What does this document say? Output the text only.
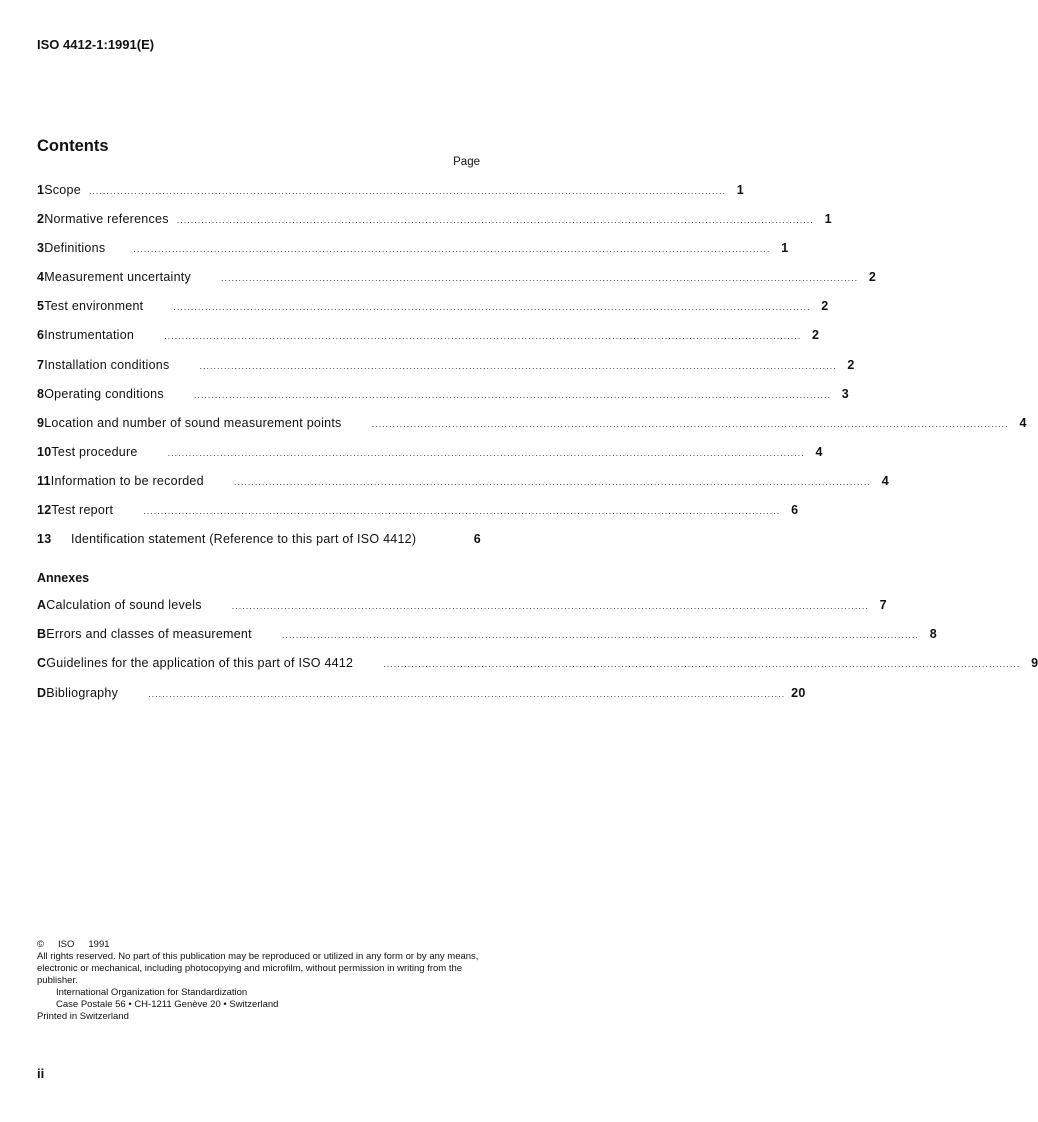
ISO 4412-1:1991(E)
Contents
Page
1 Scope ...................................................................................................................................................................................... 1
2 Normative references ...................................................................................................................................................................................... 1
3 Definitions	...................................................................................................................................................................................... 1
4 Measurement uncertainty	...................................................................................................................................................................................... 2
5 Test environment	...................................................................................................................................................................................... 2
6 Instrumentation	...................................................................................................................................................................................... 2
7 Installation conditions	...................................................................................................................................................................................... 2
8 Operating conditions	...................................................................................................................................................................................... 3
9 Location and number of sound measurement points	...................................................................................................................................................................................... 4
10 Test procedure	...................................................................................................................................................................................... 4
11 Information to be recorded	...................................................................................................................................................................................... 4
12 Test report	...................................................................................................................................................................................... 6
13	Identification statement (Reference to this part of ISO 4412)	6
A Calculation of sound levels	...................................................................................................................................................................................... 7
B Errors and classes of measurement	...................................................................................................................................................................................... 8
C Guidelines for the application of this part of ISO 4412	...................................................................................................................................................................................... 9
D Bibliography	...................................................................................................................................................................................... 20
Annexes
© ISO 1991
All rights reserved. No part of this publication may be reproduced or utilized in any form or by any means, electronic or mechanical, including photocopying and microfilm, without permission in writing from the publisher.
International Organization for Standardization
Case Postale 56 • CH-1211 Genève 20 • Switzerland
Printed in Switzerland
ii
